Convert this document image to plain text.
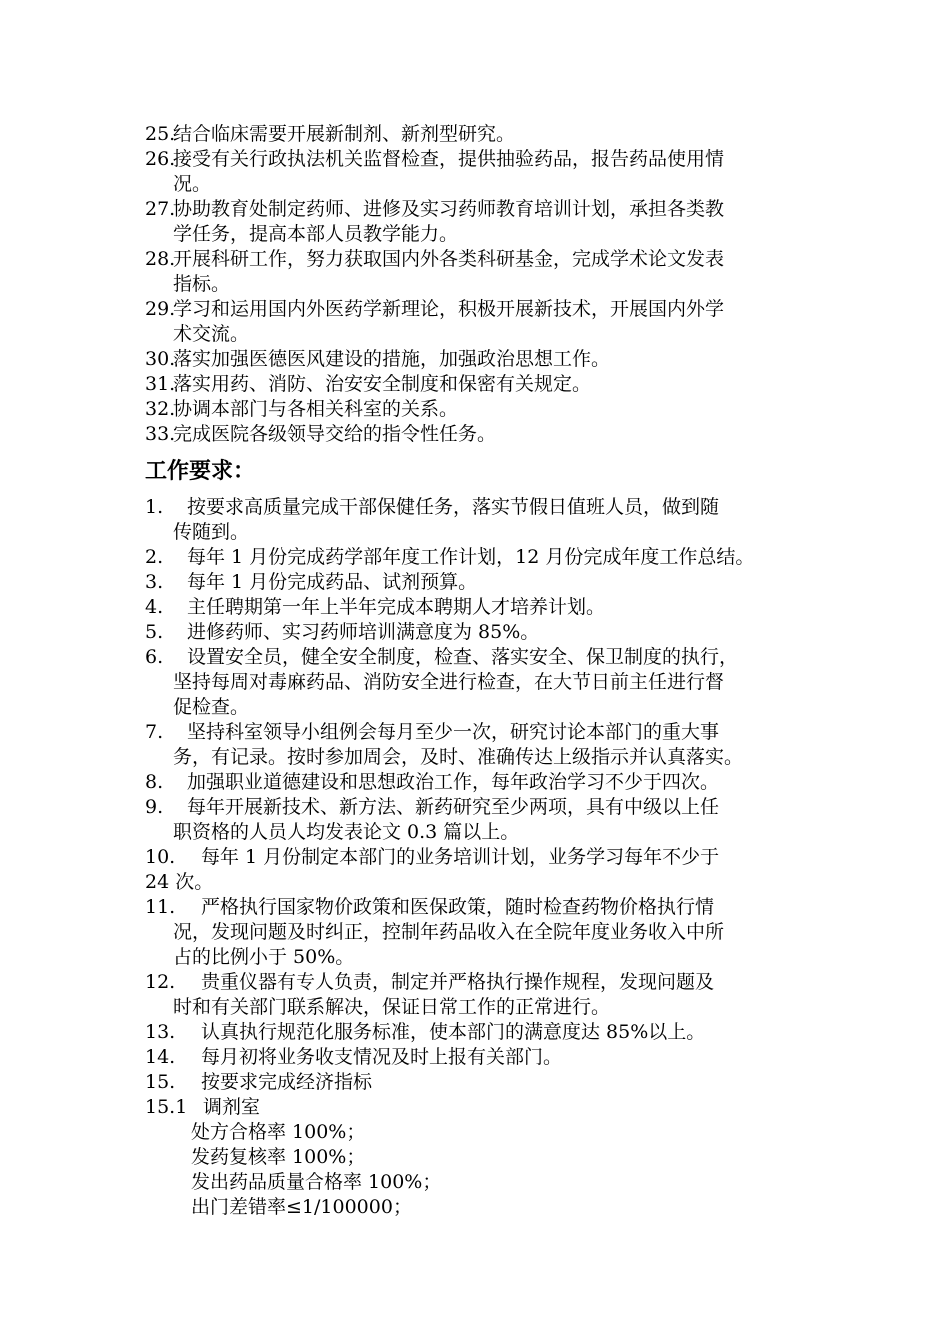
25.
结合临床需要开展新制剂、新剂型研究。
26.
接受有关行政执法机关监督检查，提供抽验药品，报告药品使用情
况。
27.
协助教育处制定药师、进修及实习药师教育培训计划，承担各类教
学任务，提高本部人员教学能力。
28.
开展科研工作，努力获取国内外各类科研基金，完成学术论文发表
指标。
29.
学习和运用国内外医药学新理论，积极开展新技术，开展国内外学
术交流。
30.
落实加强医德医风建设的措施，加强政治思想工作。
31.
落实用药、消防、治安安全制度和保密有关规定。
32.
协调本部门与各相关科室的关系。
33.
完成医院各级领导交给的指令性任务。
工作要求：
1.	按要求高质量完成干部保健任务，落实节假日值班人员，做到随
传随到。
2.	每年 1 月份完成药学部年度工作计划，12 月份完成年度工作总结。
3.	每年 1 月份完成药品、试剂预算。
4.	主任聘期第一年上半年完成本聘期人才培养计划。
5.	进修药师、实习药师培训满意度为 85%。
6.	设置安全员，健全安全制度，检查、落实安全、保卫制度的执行，
坚持每周对毒麻药品、消防安全进行检查，在大节日前主任进行督
促检查。
7.	坚持科室领导小组例会每月至少一次，研究讨论本部门的重大事
务，有记录。按时参加周会，及时、准确传达上级指示并认真落实。
8.	加强职业道德建设和思想政治工作，每年政治学习不少于四次。
9.	每年开展新技术、新方法、新药研究至少两项，具有中级以上任
职资格的人员人均发表论文 0.3 篇以上。
10.	每年 1 月份制定本部门的业务培训计划，业务学习每年不少于
24 次。
11.	严格执行国家物价政策和医保政策，随时检查药物价格执行情
况，发现问题及时纠正，控制年药品收入在全院年度业务收入中所
占的比例小于 50%。
12.	贵重仪器有专人负责，制定并严格执行操作规程，发现问题及
时和有关部门联系解决，保证日常工作的正常进行。
13.	认真执行规范化服务标准，使本部门的满意度达 85%以上。
14.	每月初将业务收支情况及时上报有关部门。
15.	按要求完成经济指标
15.1 调剂室
处方合格率 100%；
发药复核率 100%；
发出药品质量合格率 100%；
出门差错率≤1/100000；
